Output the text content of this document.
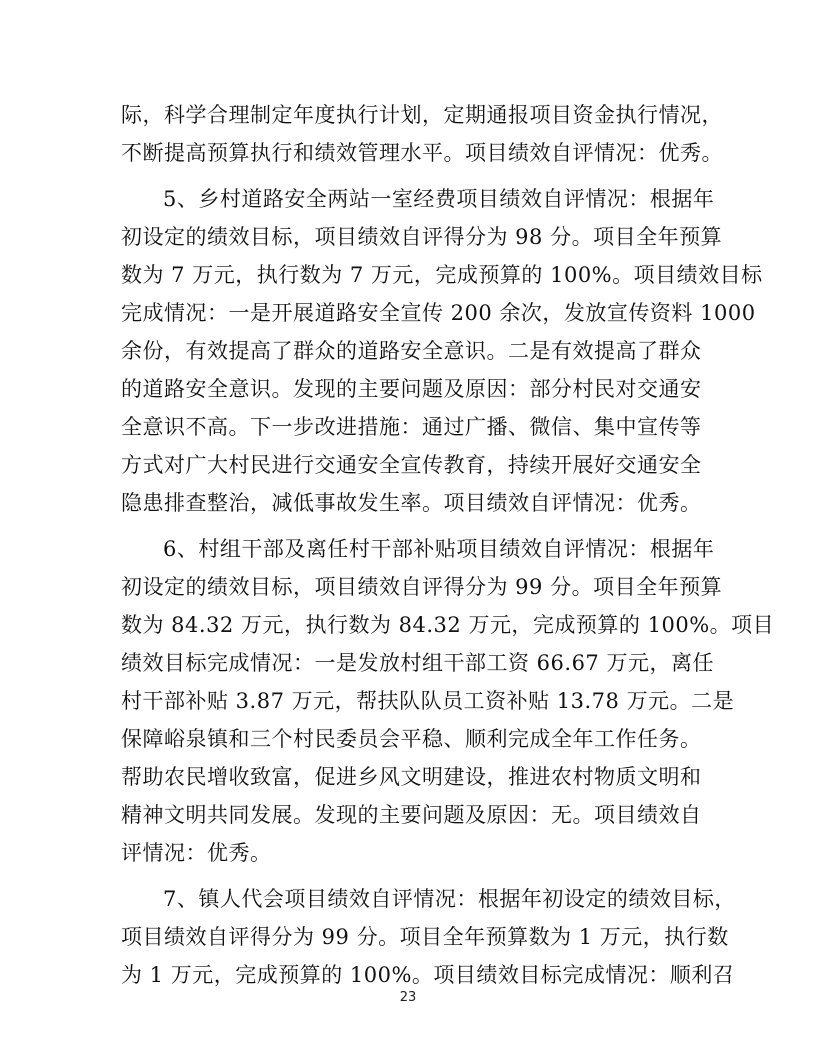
际，科学合理制定年度执行计划，定期通报项目资金执行情况，
不断提高预算执行和绩效管理水平。项目绩效自评情况：优秀。
5、乡村道路安全两站一室经费项目绩效自评情况：根据年
初设定的绩效目标，项目绩效自评得分为 98 分。项目全年预算
数为 7 万元，执行数为 7 万元，完成预算的 100%。项目绩效目标
完成情况：一是开展道路安全宣传 200 余次，发放宣传资料 1000
余份，有效提高了群众的道路安全意识。二是有效提高了群众
的道路安全意识。发现的主要问题及原因：部分村民对交通安
全意识不高。下一步改进措施：通过广播、微信、集中宣传等
方式对广大村民进行交通安全宣传教育，持续开展好交通安全
隐患排查整治，减低事故发生率。项目绩效自评情况：优秀。
6、村组干部及离任村干部补贴项目绩效自评情况：根据年
初设定的绩效目标，项目绩效自评得分为 99 分。项目全年预算
数为 84.32 万元，执行数为 84.32 万元，完成预算的 100%。项目
绩效目标完成情况：一是发放村组干部工资 66.67 万元，离任
村干部补贴 3.87 万元，帮扶队队员工资补贴 13.78 万元。二是
保障峪泉镇和三个村民委员会平稳、顺利完成全年工作任务。
帮助农民增收致富，促进乡风文明建设，推进农村物质文明和
精神文明共同发展。发现的主要问题及原因：无。项目绩效自
评情况：优秀。
7、镇人代会项目绩效自评情况：根据年初设定的绩效目标，
项目绩效自评得分为 99 分。项目全年预算数为 1 万元，执行数
为 1 万元，完成预算的 100%。项目绩效目标完成情况：顺利召
23
